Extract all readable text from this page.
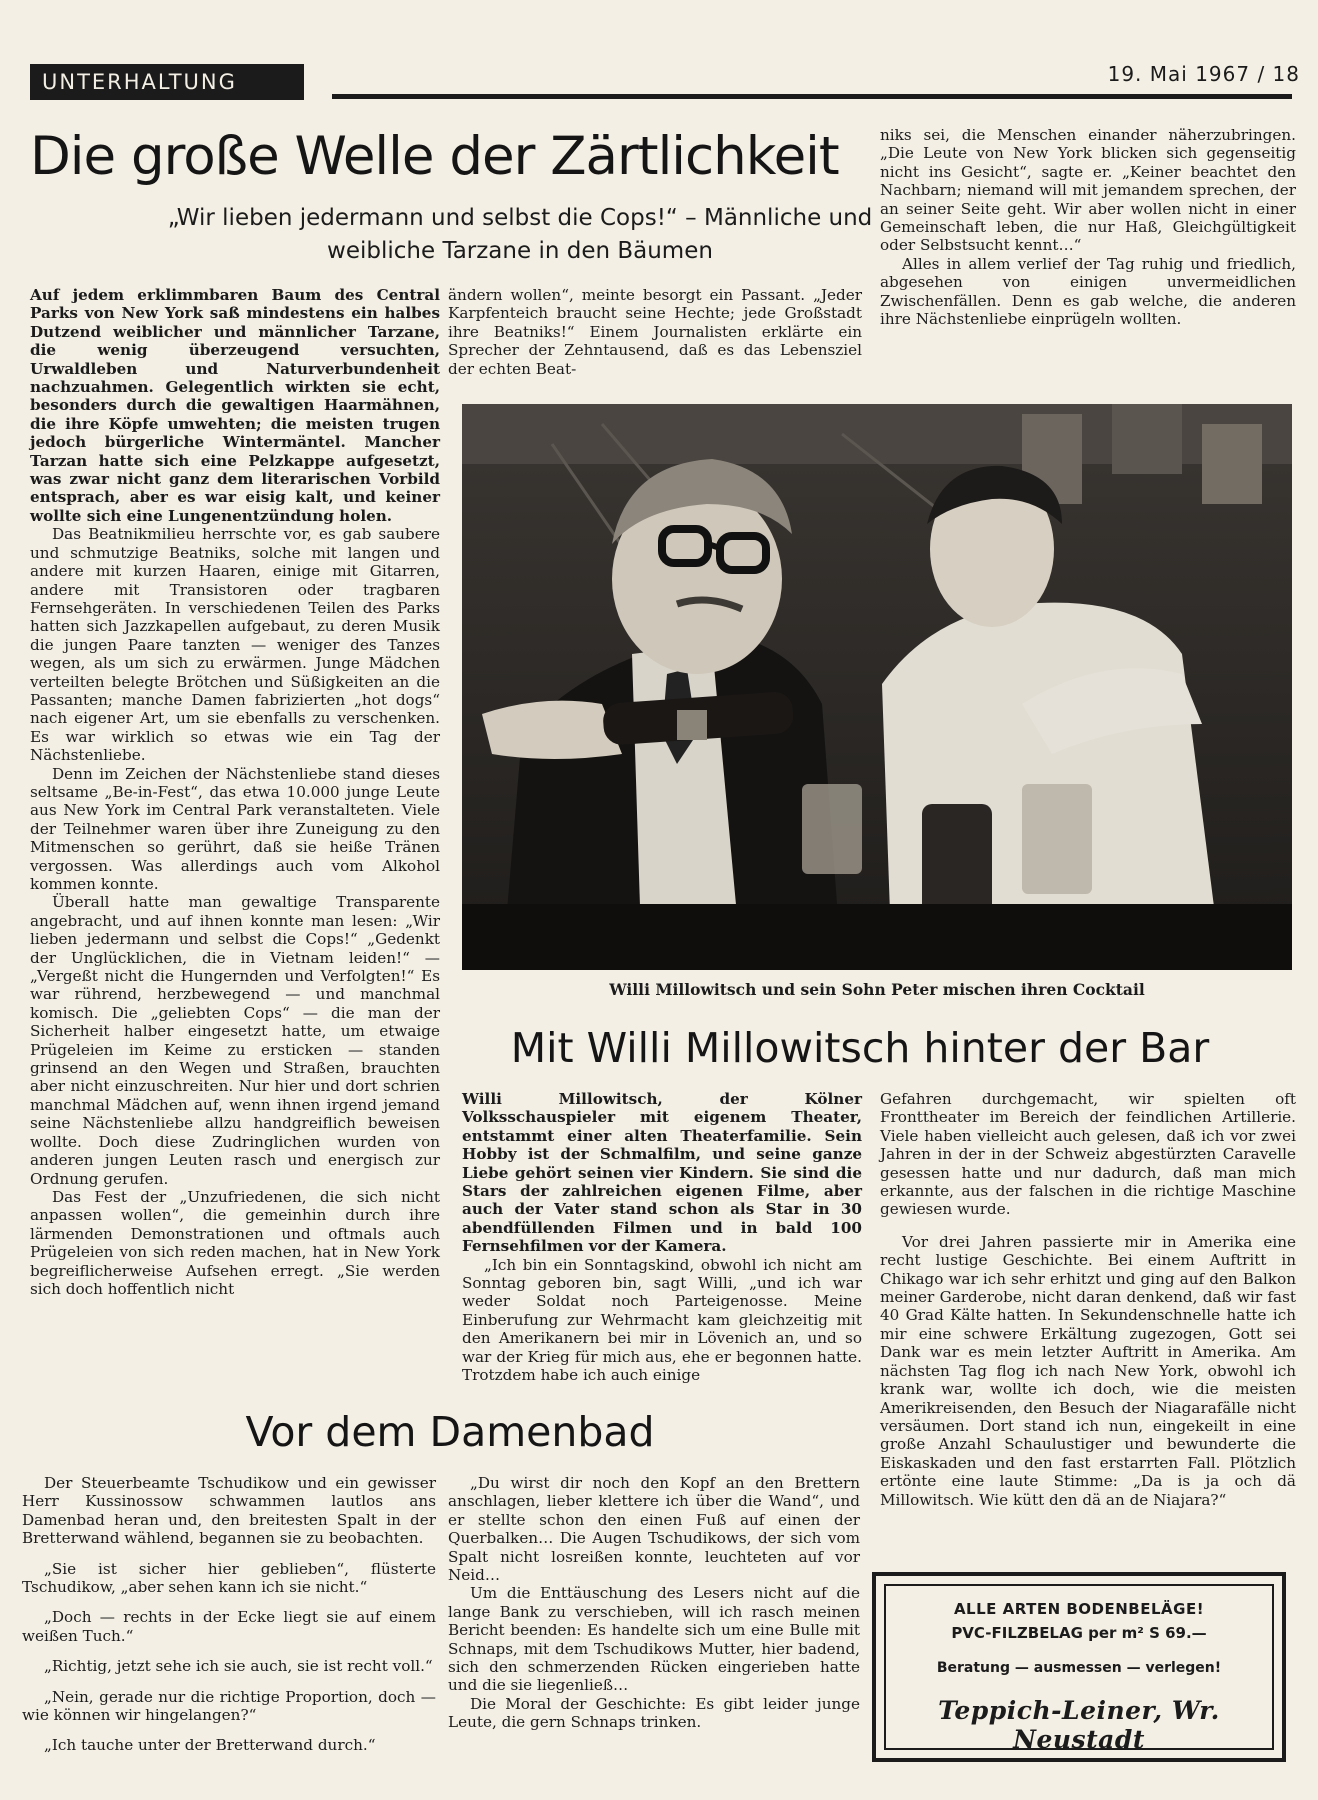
UNTERHALTUNG	19. Mai 1967 / 18
Die große Welle der Zärtlichkeit
„Wir lieben jedermann und selbst die Cops!“ – Männliche und weibliche Tarzane in den Bäumen

Auf jedem erklimmbaren Baum des Central Parks von New York saß mindestens ein halbes Dutzend weiblicher und männlicher Tarzane, die wenig überzeugend versuchten, Urwaldleben und Naturverbundenheit nachzuahmen. Gelegentlich wirkten sie echt, besonders durch die gewaltigen Haarmähnen, die ihre Köpfe umwehten; die meisten trugen jedoch bürgerliche Wintermäntel. Mancher Tarzan hatte sich eine Pelzkappe aufgesetzt, was zwar nicht ganz dem literarischen Vorbild entsprach, aber es war eisig kalt, und keiner wollte sich eine Lungenentzündung holen.

Das Beatnikmilieu herrschte vor, es gab saubere und schmutzige Beatniks, solche mit langen und andere mit kurzen Haaren, einige mit Gitarren, andere mit Transistoren oder tragbaren Fernsehgeräten. In verschiedenen Teilen des Parks hatten sich Jazzkapellen aufgebaut, zu deren Musik die jungen Paare tanzten — weniger des Tanzes wegen, als um sich zu erwärmen. Junge Mädchen verteilten belegte Brötchen und Süßigkeiten an die Passanten; manche Damen fabrizierten „hot dogs“ nach eigener Art, um sie ebenfalls zu verschenken. Es war wirklich so etwas wie ein Tag der Nächstenliebe.

Denn im Zeichen der Nächstenliebe stand dieses seltsame „Be-in-Fest“, das etwa 10.000 junge Leute aus New York im Central Park veranstalteten. Viele der Teilnehmer waren über ihre Zuneigung zu den Mitmenschen so gerührt, daß sie heiße Tränen vergossen. Was allerdings auch vom Alkohol kommen konnte.

Überall hatte man gewaltige Transparente angebracht, und auf ihnen konnte man lesen: „Wir lieben jedermann und selbst die Cops!“ „Gedenkt der Unglücklichen, die in Vietnam leiden!“ — „Vergeßt nicht die Hungernden und Verfolgten!“ Es war rührend, herzbewegend — und manchmal komisch. Die „geliebten Cops“ — die man der Sicherheit halber eingesetzt hatte, um etwaige Prügeleien im Keime zu ersticken — standen grinsend an den Wegen und Straßen, brauchten aber nicht einzuschreiten. Nur hier und dort schrien manchmal Mädchen auf, wenn ihnen irgend jemand seine Nächstenliebe allzu handgreiflich beweisen wollte. Doch diese Zudringlichen wurden von anderen jungen Leuten rasch und energisch zur Ordnung gerufen.

Das Fest der „Unzufriedenen, die sich nicht anpassen wollen“, die gemeinhin durch ihre lärmenden Demonstrationen und oftmals auch Prügeleien von sich reden machen, hat in New York begreiflicherweise Aufsehen erregt. „Sie werden sich doch hoffentlich nicht

ändern wollen“, meinte besorgt ein Passant. „Jeder Karpfenteich braucht seine Hechte; jede Großstadt ihre Beatniks!“ Einem Journalisten erklärte ein Sprecher der Zehntausend, daß es das Lebensziel der echten Beat-

niks sei, die Menschen einander näherzubringen. „Die Leute von New York blicken sich gegenseitig nicht ins Gesicht“, sagte er. „Keiner beachtet den Nachbarn; niemand will mit jemandem sprechen, der an seiner Seite geht. Wir aber wollen nicht in einer Gemeinschaft leben, die nur Haß, Gleichgültigkeit oder Selbstsucht kennt…“

Alles in allem verlief der Tag ruhig und friedlich, abgesehen von einigen unvermeidlichen Zwischenfällen. Denn es gab welche, die anderen ihre Nächstenliebe einprügeln wollten.

Willi Millowitsch und sein Sohn Peter mischen ihren Cocktail
Mit Willi Millowitsch hinter der Bar

Willi Millowitsch, der Kölner Volksschauspieler mit eigenem Theater, entstammt einer alten Theaterfamilie. Sein Hobby ist der Schmalfilm, und seine ganze Liebe gehört seinen vier Kindern. Sie sind die Stars der zahlreichen eigenen Filme, aber auch der Vater stand schon als Star in 30 abendfüllenden Filmen und in bald 100 Fernsehfilmen vor der Kamera.

„Ich bin ein Sonntagskind, obwohl ich nicht am Sonntag geboren bin, sagt Willi, „und ich war weder Soldat noch Parteigenosse. Meine Einberufung zur Wehrmacht kam gleichzeitig mit den Amerikanern bei mir in Lövenich an, und so war der Krieg für mich aus, ehe er begonnen hatte. Trotzdem habe ich auch einige

Gefahren durchgemacht, wir spielten oft Fronttheater im Bereich der feindlichen Artillerie. Viele haben vielleicht auch gelesen, daß ich vor zwei Jahren in der in der Schweiz abgestürzten Caravelle gesessen hatte und nur dadurch, daß man mich erkannte, aus der falschen in die richtige Maschine gewiesen wurde.

Vor drei Jahren passierte mir in Amerika eine recht lustige Geschichte. Bei einem Auftritt in Chikago war ich sehr erhitzt und ging auf den Balkon meiner Garderobe, nicht daran denkend, daß wir fast 40 Grad Kälte hatten. In Sekundenschnelle hatte ich mir eine schwere Erkältung zugezogen, Gott sei Dank war es mein letzter Auftritt in Amerika. Am nächsten Tag flog ich nach New York, obwohl ich krank war, wollte ich doch, wie die meisten Amerikreisenden, den Besuch der Niagarafälle nicht versäumen. Dort stand ich nun, eingekeilt in eine große Anzahl Schaulustiger und bewunderte die Eiskaskaden und den fast erstarrten Fall. Plötzlich ertönte eine laute Stimme: „Da is ja och dä Millowitsch. Wie kütt den dä an de Niajara?“

Vor dem Damenbad

Der Steuerbeamte Tschudikow und ein gewisser Herr Kussinossow schwammen lautlos ans Damenbad heran und, den breitesten Spalt in der Bretterwand wählend, begannen sie zu beobachten.

„Sie ist sicher hier geblieben“, flüsterte Tschudikow, „aber sehen kann ich sie nicht.“

„Doch — rechts in der Ecke liegt sie auf einem weißen Tuch.“

„Richtig, jetzt sehe ich sie auch, sie ist recht voll.“

„Nein, gerade nur die richtige Proportion, doch — wie können wir hingelangen?“

„Ich tauche unter der Bretterwand durch.“

„Du wirst dir noch den Kopf an den Brettern anschlagen, lieber klettere ich über die Wand“, und er stellte schon den einen Fuß auf einen der Querbalken… Die Augen Tschudikows, der sich vom Spalt nicht losreißen konnte, leuchteten auf vor Neid…

Um die Enttäuschung des Lesers nicht auf die lange Bank zu verschieben, will ich rasch meinen Bericht beenden: Es handelte sich um eine Bulle mit Schnaps, mit dem Tschudikows Mutter, hier badend, sich den schmerzenden Rücken eingerieben hatte und die sie liegenließ…

Die Moral der Geschichte: Es gibt leider junge Leute, die gern Schnaps trinken.

ALLE ARTEN BODENBELÄGE!
PVC-FILZBELAG per m² S 69.—
Beratung — ausmessen — verlegen!
Teppich-Leiner, Wr. Neustadt
